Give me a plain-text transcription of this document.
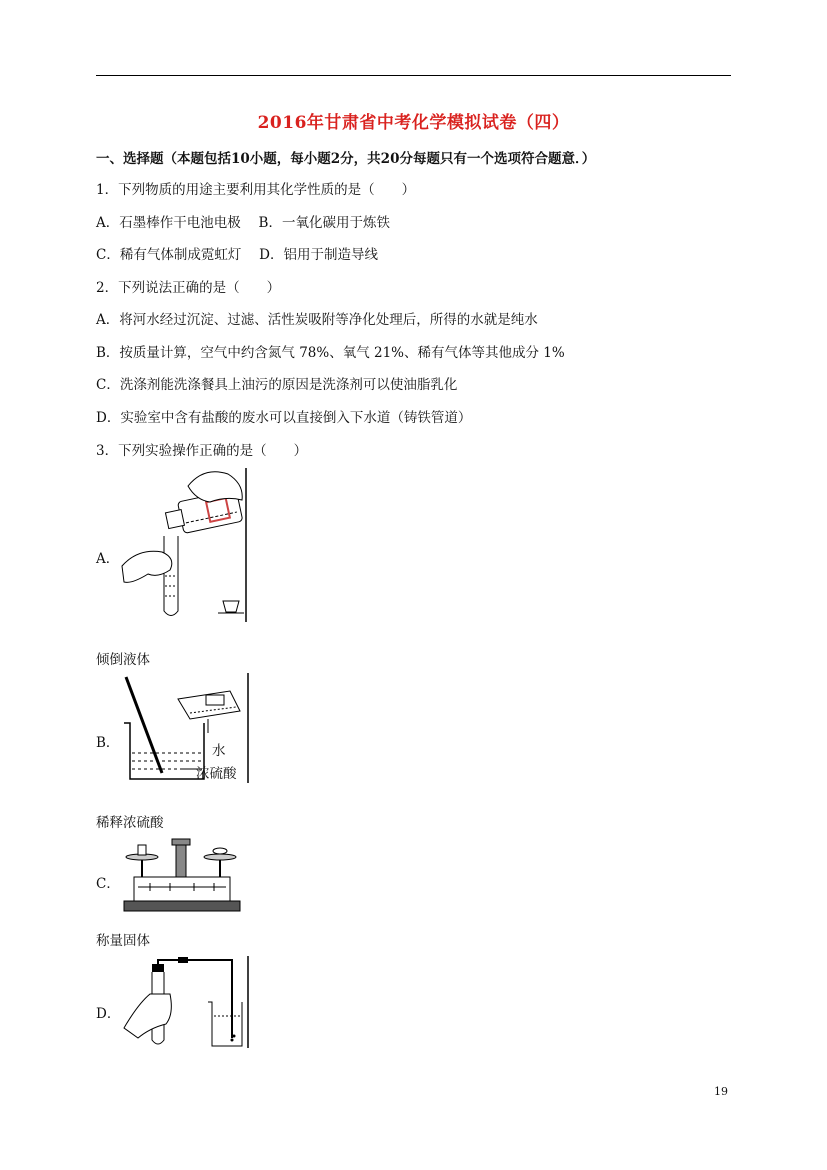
2016年甘肃省中考化学模拟试卷（四）
一、选择题（本题包括10小题，每小题2分，共20分每题只有一个选项符合题意．）
1．下列物质的用途主要利用其化学性质的是（　　）
A．石墨棒作干电池电极　 B．一氧化碳用于炼铁
C．稀有气体制成霓虹灯　 D．铝用于制造导线
2．下列说法正确的是（　　）
A．将河水经过沉淀、过滤、活性炭吸附等净化处理后，所得的水就是纯水
B．按质量计算，空气中约含氮气 78%、氧气 21%、稀有气体等其他成分 1%
C．洗涤剂能洗涤餐具上油污的原因是洗涤剂可以使油脂乳化
D．实验室中含有盐酸的废水可以直接倒入下水道（铸铁管道）
3．下列实验操作正确的是（　　）
A．
倾倒液体
B．	水
浓硫酸
稀释浓硫酸
C．
称量固体
D．
19
